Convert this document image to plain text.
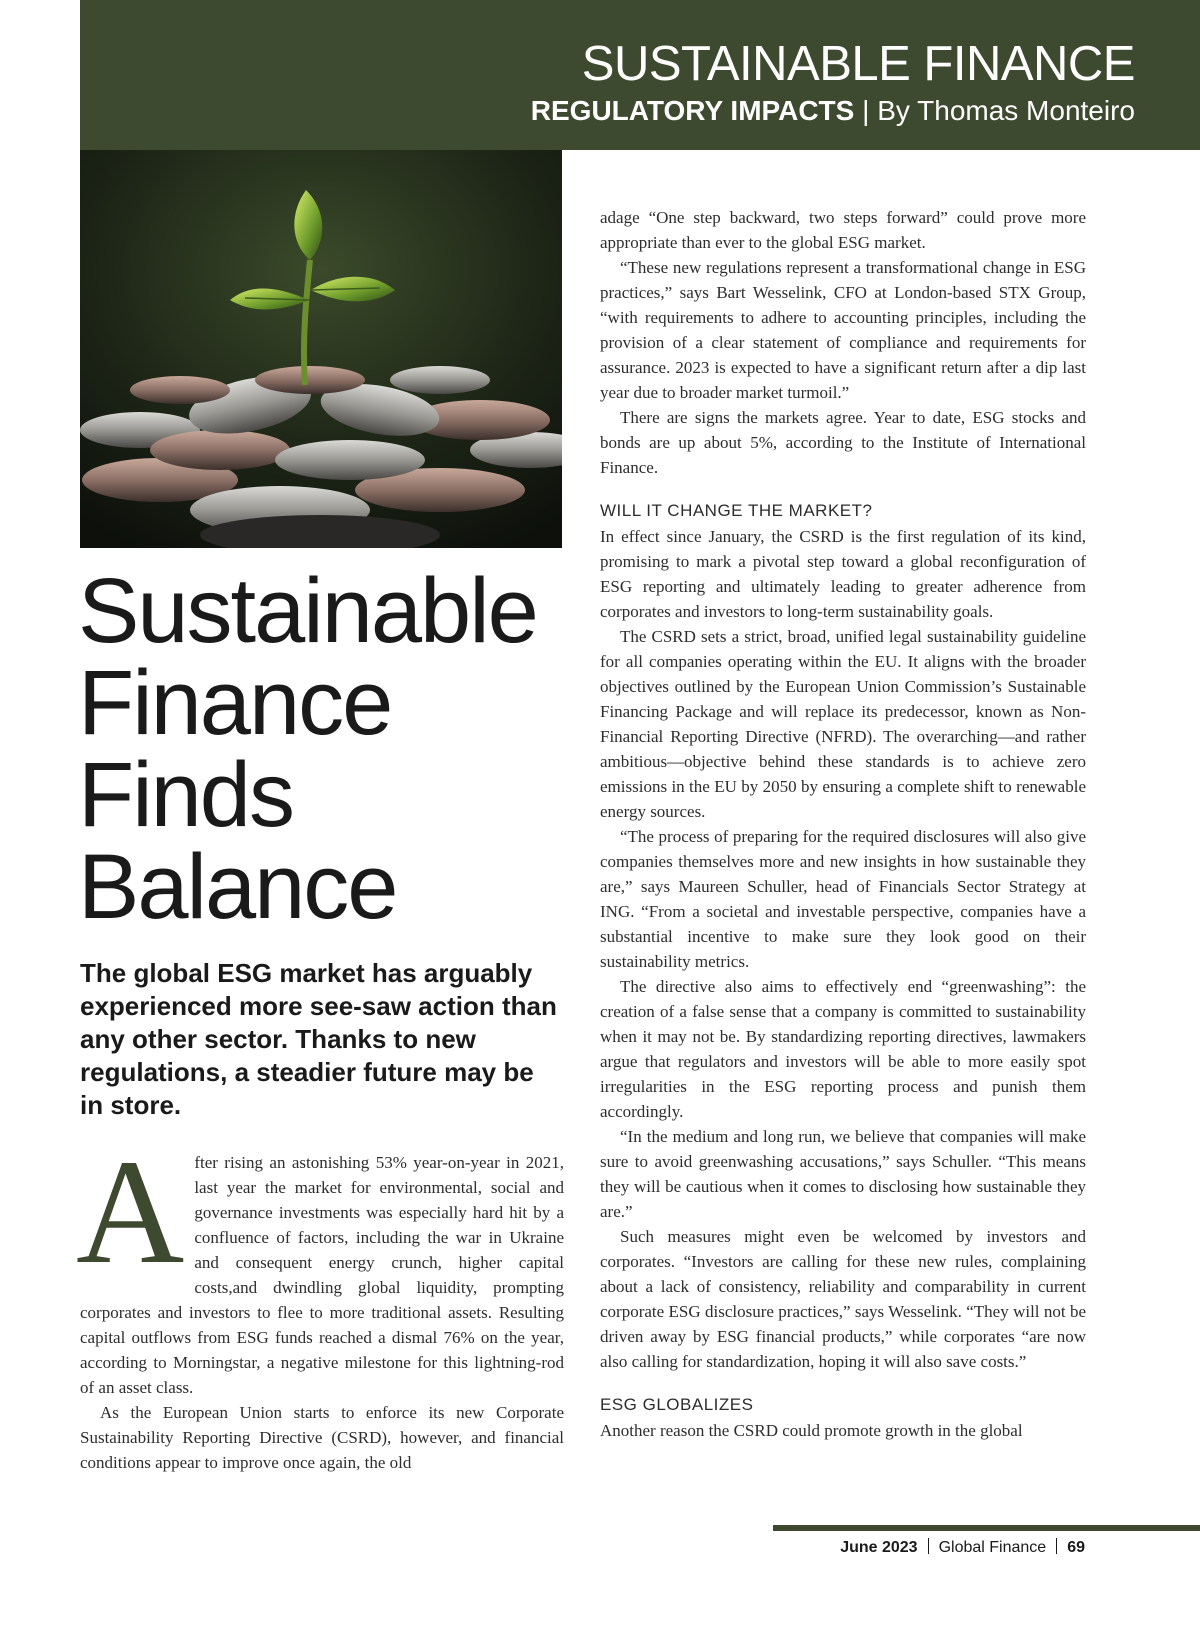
SUSTAINABLE FINANCE
REGULATORY IMPACTS | By Thomas Monteiro
Sustainable
Finance
Finds
Balance

The global ESG market has arguably experienced more see-saw action than any other sector. Thanks to new regulations, a steadier future may be in store.

After rising an astonishing 53% year-on-year in 2021, last year the market for environmental, social and governance investments was especially hard hit by a confluence of factors, including the war in Ukraine and consequent energy crunch, higher capital costs,and dwindling global liquidity, prompting corporates and investors to flee to more traditional assets. Resulting capital outflows from ESG funds reached a dismal 76% on the year, according to Morningstar, a negative milestone for this lightning-rod of an asset class.

As the European Union starts to enforce its new Corporate Sustainability Reporting Directive (CSRD), however, and financial conditions appear to improve once again, the old

adage “One step backward, two steps forward” could prove more appropriate than ever to the global ESG market.

“These new regulations represent a transformational change in ESG practices,” says Bart Wesselink, CFO at London-based STX Group, “with requirements to adhere to accounting principles, including the provision of a clear statement of compliance and requirements for assurance. 2023 is expected to have a significant return after a dip last year due to broader market turmoil.”

There are signs the markets agree. Year to date, ESG stocks and bonds are up about 5%, according to the Institute of International Finance.

WILL IT CHANGE THE MARKET?

In effect since January, the CSRD is the first regulation of its kind, promising to mark a pivotal step toward a global reconfiguration of ESG reporting and ultimately leading to greater adherence from corporates and investors to long-term sustainability goals.

The CSRD sets a strict, broad, unified legal sustainability guideline for all companies operating within the EU. It aligns with the broader objectives outlined by the European Union Commission’s Sustainable Financing Package and will replace its predecessor, known as Non-Financial Reporting Directive (NFRD). The overarching—and rather ambitious—objective behind these standards is to achieve zero emissions in the EU by 2050 by ensuring a complete shift to renewable energy sources.

“The process of preparing for the required disclosures will also give companies themselves more and new insights in how sustainable they are,” says Maureen Schuller, head of Financials Sector Strategy at ING. “From a societal and investable perspective, companies have a substantial incentive to make sure they look good on their sustainability metrics.

The directive also aims to effectively end “greenwashing”: the creation of a false sense that a company is committed to sustainability when it may not be. By standardizing reporting directives, lawmakers argue that regulators and investors will be able to more easily spot irregularities in the ESG reporting process and punish them accordingly.

“In the medium and long run, we believe that companies will make sure to avoid greenwashing accusations,” says Schuller. “This means they will be cautious when it comes to disclosing how sustainable they are.”

Such measures might even be welcomed by investors and corporates. “Investors are calling for these new rules, complaining about a lack of consistency, reliability and comparability in current corporate ESG disclosure practices,” says Wesselink. “They will not be driven away by ESG financial products,” while corporates “are now also calling for standardization, hoping it will also save costs.”

ESG GLOBALIZES

Another reason the CSRD could promote growth in the global

June 2023 Global Finance 69
